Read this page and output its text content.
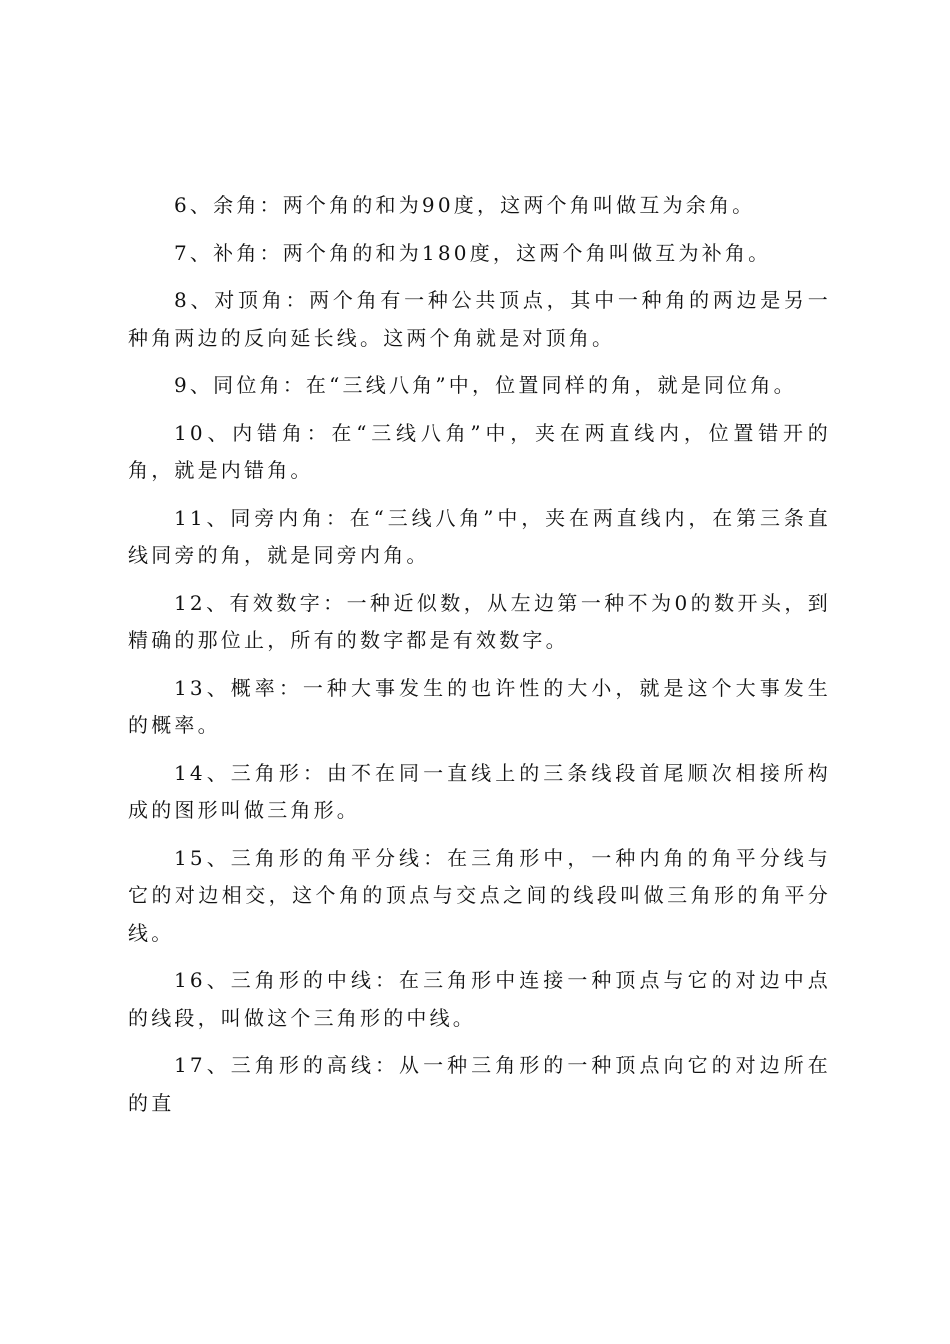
6、余角：两个角的和为90度，这两个角叫做互为余角。

7、补角：两个角的和为180度，这两个角叫做互为补角。

8、对顶角：两个角有一种公共顶点，其中一种角的两边是另一种角两边的反向延长线。这两个角就是对顶角。

9、同位角：在“三线八角”中，位置同样的角，就是同位角。

10、内错角：在“三线八角”中，夹在两直线内，位置错开的角，就是内错角。

11、同旁内角：在“三线八角”中，夹在两直线内，在第三条直线同旁的角，就是同旁内角。

12、有效数字：一种近似数，从左边第一种不为0的数开头，到精确的那位止，所有的数字都是有效数字。

13、概率：一种大事发生的也许性的大小，就是这个大事发生的概率。

14、三角形：由不在同一直线上的三条线段首尾顺次相接所构成的图形叫做三角形。

15、三角形的角平分线：在三角形中，一种内角的角平分线与它的对边相交，这个角的顶点与交点之间的线段叫做三角形的角平分线。

16、三角形的中线：在三角形中连接一种顶点与它的对边中点的线段，叫做这个三角形的中线。

17、三角形的高线：从一种三角形的一种顶点向它的对边所在的直
